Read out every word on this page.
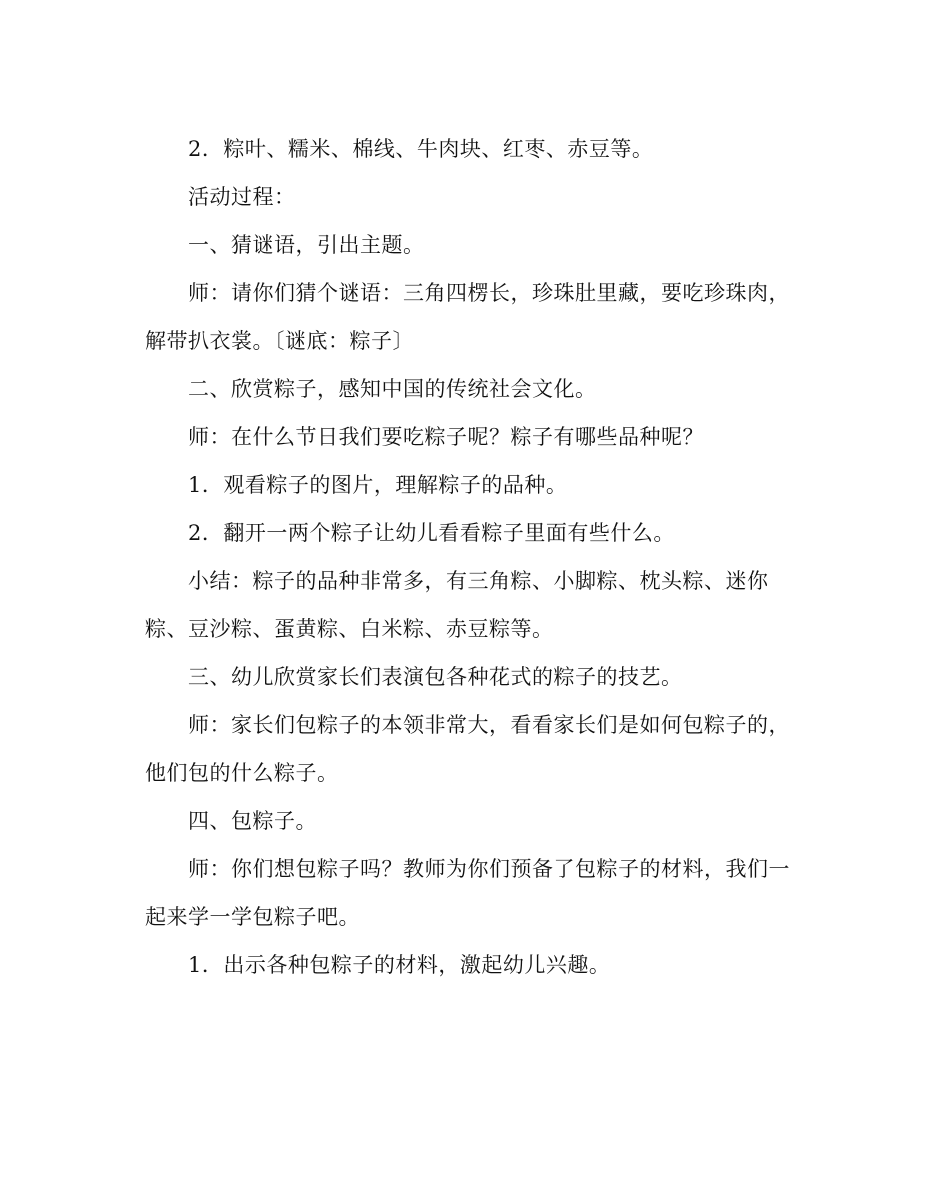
2．粽叶、糯米、棉线、牛肉块、红枣、赤豆等。
活动过程：
一、猜谜语，引出主题。
师：请你们猜个谜语：三角四楞长，珍珠肚里藏，要吃珍珠肉，
解带扒衣裳。〔谜底：粽子〕
二、欣赏粽子，感知中国的传统社会文化。
师：在什么节日我们要吃粽子呢？粽子有哪些品种呢？
1．观看粽子的图片，理解粽子的品种。
2．翻开一两个粽子让幼儿看看粽子里面有些什么。
小结：粽子的品种非常多，有三角粽、小脚粽、枕头粽、迷你
粽、豆沙粽、蛋黄粽、白米粽、赤豆粽等。
三、幼儿欣赏家长们表演包各种花式的粽子的技艺。
师：家长们包粽子的本领非常大，看看家长们是如何包粽子的，
他们包的什么粽子。
四、包粽子。
师：你们想包粽子吗？教师为你们预备了包粽子的材料，我们一
起来学一学包粽子吧。
1．出示各种包粽子的材料，激起幼儿兴趣。
